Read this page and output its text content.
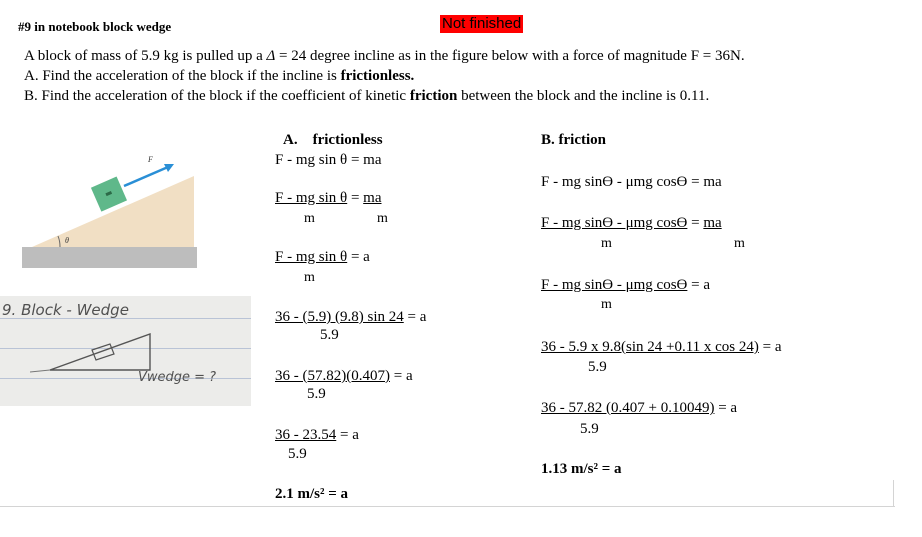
#9 in notebook block wedge	Not finished
A block of mass of 5.9 kg is pulled up a Δ = 24 degree incline as in the figure below with a force of magnitude F = 36N.
A. Find the acceleration of the block if the incline is frictionless.
B. Find the acceleration of the block if the coefficient of kinetic friction between the block and the incline is 0.11.
F
θ
9. Block - Wedge
Vwedge = ?
A. frictionless
F - mg sin θ = ma
F - mg sin θ = ma
m	m
F - mg sin θ = a
m
36 - (5.9) (9.8) sin 24 = a
5.9
36 - (57.82)(0.407) = a
5.9
36 - 23.54 = a
5.9
2.1 m/s² = a
B. friction
F - mg sinϴ - μmg cosϴ = ma
F - mg sinϴ - μmg cosϴ = ma
m	m
F - mg sinϴ - μmg cosϴ = a
m
36 - 5.9 x 9.8(sin 24 +0.11 x cos 24) = a
5.9
36 - 57.82 (0.407 + 0.10049) = a
5.9
1.13 m/s² = a
